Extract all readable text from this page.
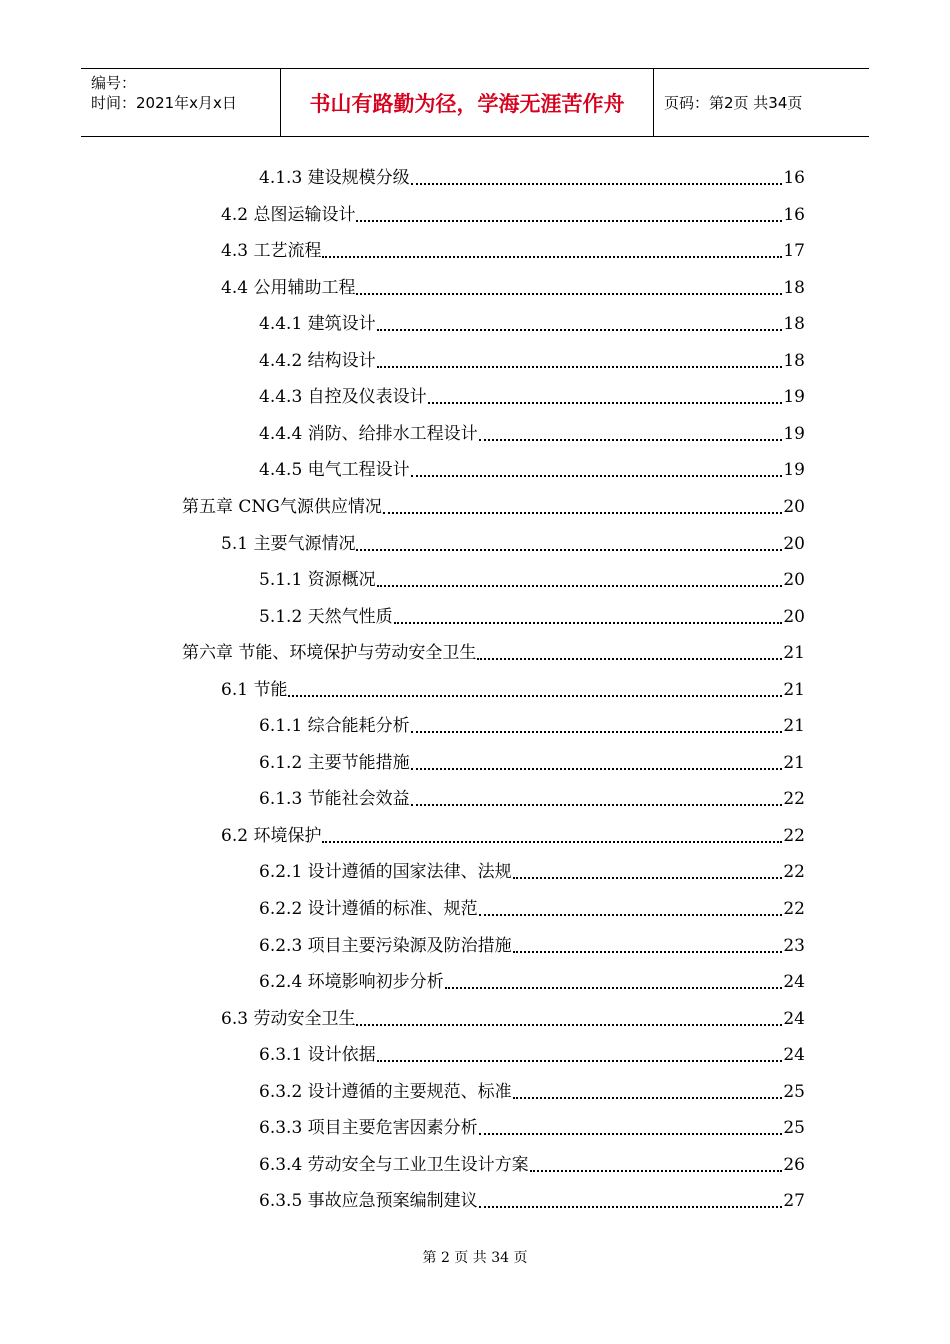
编号：
时间：2021年x月x日	书山有路勤为径，学海无涯苦作舟	页码：第2页 共34页
4.1.3 建设规模分级	16
4.2 总图运输设计	16
4.3 工艺流程	17
4.4 公用辅助工程	18
4.4.1 建筑设计	18
4.4.2 结构设计	18
4.4.3 自控及仪表设计	19
4.4.4 消防、给排水工程设计	19
4.4.5 电气工程设计	19
第五章 CNG气源供应情况	20
5.1 主要气源情况	20
5.1.1 资源概况	20
5.1.2 天然气性质	20
第六章 节能、环境保护与劳动安全卫生	21
6.1 节能	21
6.1.1 综合能耗分析	21
6.1.2 主要节能措施	21
6.1.3 节能社会效益	22
6.2 环境保护	22
6.2.1 设计遵循的国家法律、法规	22
6.2.2 设计遵循的标准、规范	22
6.2.3 项目主要污染源及防治措施	23
6.2.4 环境影响初步分析	24
6.3 劳动安全卫生	24
6.3.1 设计依据	24
6.3.2 设计遵循的主要规范、标准	25
6.3.3 项目主要危害因素分析	25
6.3.4 劳动安全与工业卫生设计方案	26
6.3.5 事故应急预案编制建议	27
第 2 页 共 34 页
